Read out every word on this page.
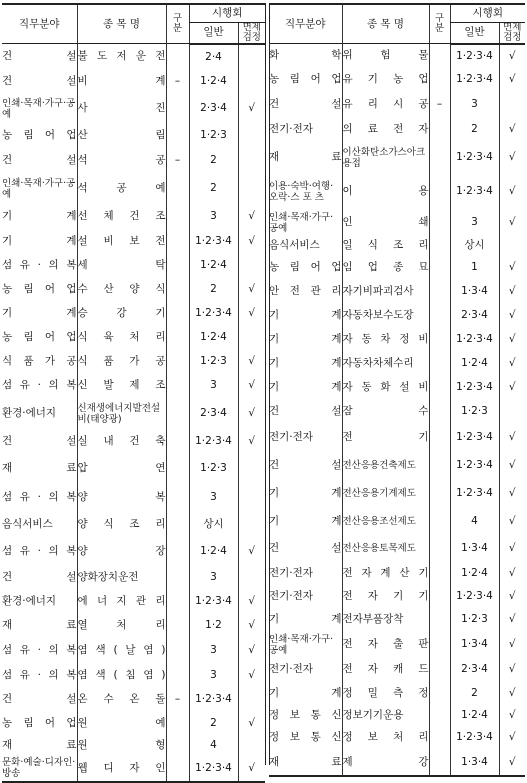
직무분야	종 목 명	구분	시행회	
			일반	면제검정
건 설	불 도 저 운 전		2·4	
건 설	비 계	–	1·2·4	
인쇄·목재·가구·공예	사 진		2·3·4	√
농 림 어 업	산 림		1·2·3	
건 설	석 공	–	2	
인쇄·목재·가구·공예	석 공 예		2	
기 계	선 체 건 조		3	√
기 계	설 비 보 전		1·2·3·4	√
섬 유 · 의 복	세 탁		1·2·4	
농 림 어 업	수 산 양 식		2	√
기 계	승 강 기		1·2·3·4	√
농 림 어 업	식 육 처 리		1·2·4	
식 품 가 공	식 품 가 공		1·2·3	√
섬 유 · 의 복	신 발 제 조		3	√
환경·에너지	신재생에너지발전설비(태양광)		2·3·4	√
건 설	실 내 건 축		1·2·3·4	√
재 료	압 연		1·2·3	
섬 유 · 의 복	양 복		3	
음식서비스	양 식 조 리		상시	
섬 유 · 의 복	양 장		1·2·4	√
건 설	양화장치운전		3	
환경·에너지	에 너 지 관 리		1·2·3·4	√
재 료	열 처 리		1·2	√
섬 유 · 의 복	염 색 ( 날 염 )		3	√
섬 유 · 의 복	염 색 ( 침 염 )		3	√
건 설	온 수 온 돌	–	1·2·3·4	
농 림 어 업	원 예		2	√
재 료	원 형		4	
문화·예술·디자인·방송	웹 디 자 인		1·2·3·4	√
직무분야	종 목 명	구분	시행회	
			일반	면제검정
화 학	위 험 물		1·2·3·4	√
농 림 어 업	유 기 농 업		1·2·3·4	√
건 설	유 리 시 공	–	3	
전기·전자	의 료 전 자		2	√
재 료	이산화탄소가스아크용접		1·2·3·4	√
이용·숙박·여행·오락·스 포 츠	이 용		1·2·3·4	√
인쇄·목재·가구·공예	인 쇄		3	√
음식서비스	일 식 조 리		상시	
농 림 어 업	임 업 종 묘		1	√
안 전 관 리	자기비파괴검사		1·3·4	√
기 계	자동차보수도장		2·3·4	√
기 계	자 동 차 정 비		1·2·3·4	√
기 계	자동차차체수리		1·2·4	√
기 계	자 동 화 설 비		1·2·3·4	√
건 설	잠 수		1·2·3	
전기·전자	전 기		1·2·3·4	√
건 설	전산응용건축제도		1·2·3·4	√
기 계	전산응용기계제도		1·2·3·4	√
기 계	전산응용조선제도		4	√
건 설	전산응용토목제도		1·3·4	√
전기·전자	전 자 계 산 기		1·2·4	√
전기·전자	전 자 기 기		1·2·3·4	√
기 계	전자부품장착		1·2·3	√
인쇄·목재·가구·공예	전 자 출 판		1·3·4	√
전기·전자	전 자 캐 드		2·3·4	√
기 계	정 밀 측 정		2	√
정 보 통 신	정보기기운용		1·2·4	√
정 보 통 신	정 보 처 리		1·2·3·4	√
재 료	제 강		1·3·4	√
